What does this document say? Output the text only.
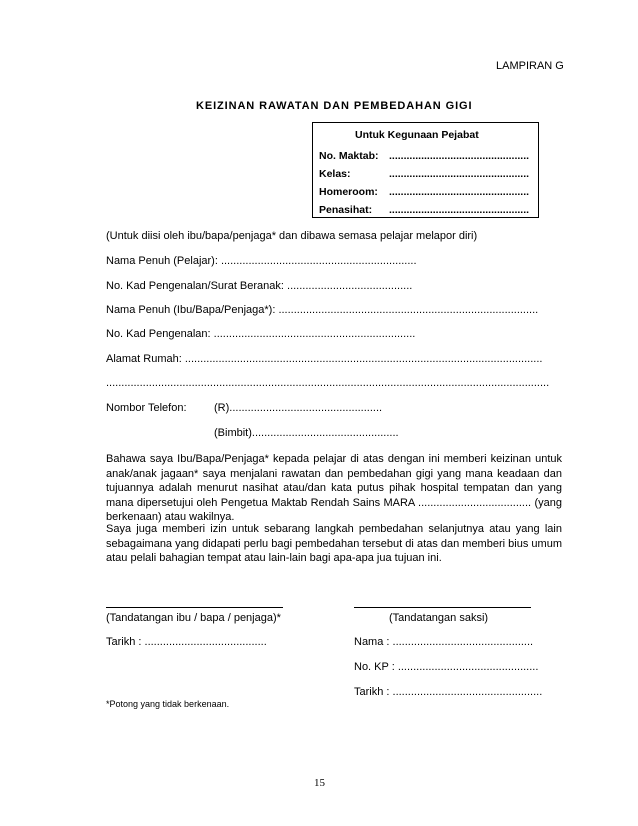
LAMPIRAN G
KEIZINAN RAWATAN DAN PEMBEDAHAN GIGI
Untuk Kegunaan Pejabat
No. Maktab: ................................................
Kelas:	................................................
Homeroom: ................................................
Penasihat: ................................................
(Untuk diisi oleh ibu/bapa/penjaga* dan dibawa semasa pelajar melapor diri)
Nama Penuh (Pelajar): ................................................................
No. Kad Pengenalan/Surat Beranak: .........................................
Nama Penuh (Ibu/Bapa/Penjaga*): .....................................................................................
No. Kad Pengenalan: ..................................................................
Alamat Rumah: .....................................................................................................................
.................................................................................................................................................
Nombor Telefon: (R)..................................................
(Bimbit)................................................
Bahawa saya Ibu/Bapa/Penjaga* kepada pelajar di atas dengan ini memberi keizinan untuk anak/anak jagaan* saya menjalani rawatan dan pembedahan gigi yang mana keadaan dan tujuannya adalah menurut nasihat atau/dan kata putus pihak hospital tempatan dan yang mana dipersetujui oleh Pengetua Maktab Rendah Sains MARA ..................................... (yang berkenaan) atau wakilnya.
Saya juga memberi izin untuk sebarang langkah pembedahan selanjutnya atau yang lain sebagaimana yang didapati perlu bagi pembedahan tersebut di atas dan memberi bius umum atau pelali bahagian tempat atau lain-lain bagi apa-apa jua tujuan ini.
(Tandatangan ibu / bapa / penjaga)*	(Tandatangan saksi)
Tarikh : ........................................	Nama : ..............................................
No. KP : ..............................................
Tarikh : .................................................
*Potong yang tidak berkenaan.
15
